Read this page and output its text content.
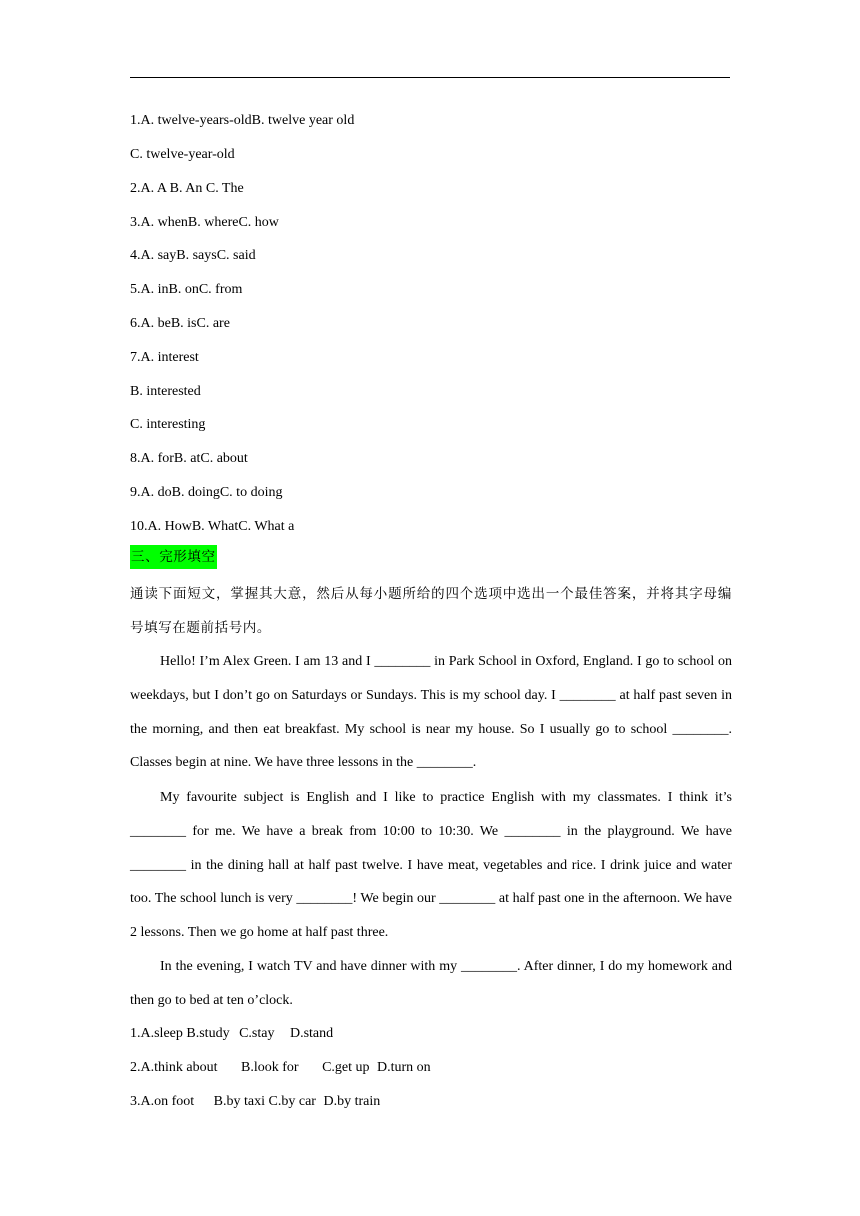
1.A. twelve-years-oldB. twelve year old
C. twelve-year-old
2.A. A B. An C. The
3.A. whenB. whereC. how
4.A. sayB. saysC. said
5.A. inB. onC. from
6.A. beB. isC. are
7.A. interest
B. interested
C. interesting
8.A. forB. atC. about
9.A. doB. doingC. to doing
10.A. HowB. WhatC. What a
三、完形填空
通读下面短文，掌握其大意，然后从每小题所给的四个选项中选出一个最佳答案，并将其字母编号填写在题前括号内。
Hello! I’m Alex Green. I am 13 and I ________ in Park School in Oxford, England. I go to school on weekdays, but I don’t go on Saturdays or Sundays. This is my school day. I ________ at half past seven in the morning, and then eat breakfast. My school is near my house. So I usually go to school ________. Classes begin at nine. We have three lessons in the ________.
My favourite subject is English and I like to practice English with my classmates. I think it’s ________ for me. We have a break from 10:00 to 10:30. We ________ in the playground. We have ________ in the dining hall at half past twelve. I have meat, vegetables and rice. I drink juice and water too. The school lunch is very ________! We begin our ________ at half past one in the afternoon. We have 2 lessons. Then we go home at half past three.
In the evening, I watch TV and have dinner with my ________. After dinner, I do my homework and then go to bed at ten o’clock.
1.A.sleep B.study C.stay D.stand
2.A.think about B.look for C.get up D.turn on
3.A.on foot B.by taxi C.by car D.by train
